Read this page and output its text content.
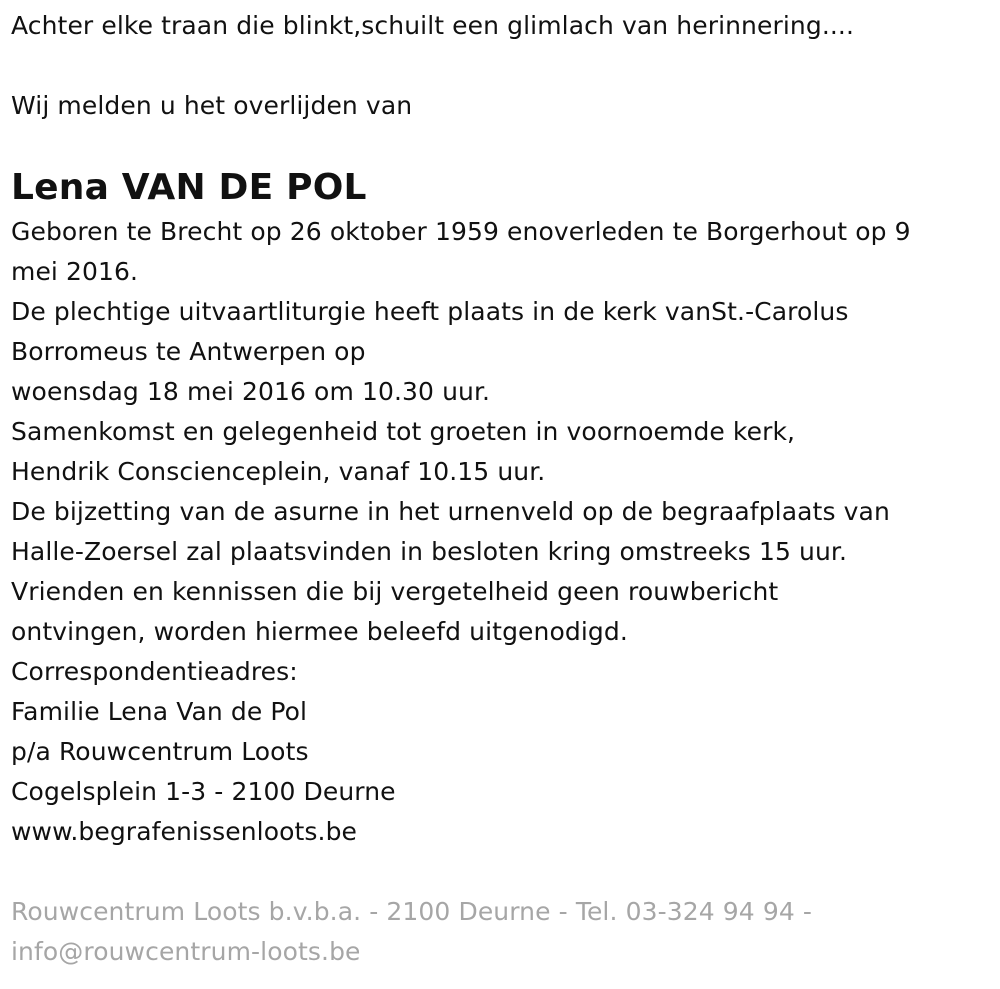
Achter elke traan die blinkt,schuilt een glimlach van herinnering....
Wij melden u het overlijden van
Lena VAN DE POL
Geboren te Brecht op 26 oktober 1959 enoverleden te Borgerhout op 9
mei 2016.
De plechtige uitvaartliturgie heeft plaats in de kerk vanSt.-Carolus
Borromeus te Antwerpen op
woensdag 18 mei 2016 om 10.30 uur.
Samenkomst en gelegenheid tot groeten in voornoemde kerk,
Hendrik Conscienceplein, vanaf 10.15 uur.
De bijzetting van de asurne in het urnenveld op de begraafplaats van
Halle-Zoersel zal plaatsvinden in besloten kring omstreeks 15 uur.
Vrienden en kennissen die bij vergetelheid geen rouwbericht
ontvingen, worden hiermee beleefd uitgenodigd.
Correspondentieadres:
Familie Lena Van de Pol
p/a Rouwcentrum Loots
Cogelsplein 1-3 - 2100 Deurne
www.begrafenissenloots.be
Rouwcentrum Loots b.v.b.a. - 2100 Deurne - Tel. 03-324 94 94 -
info@rouwcentrum-loots.be
